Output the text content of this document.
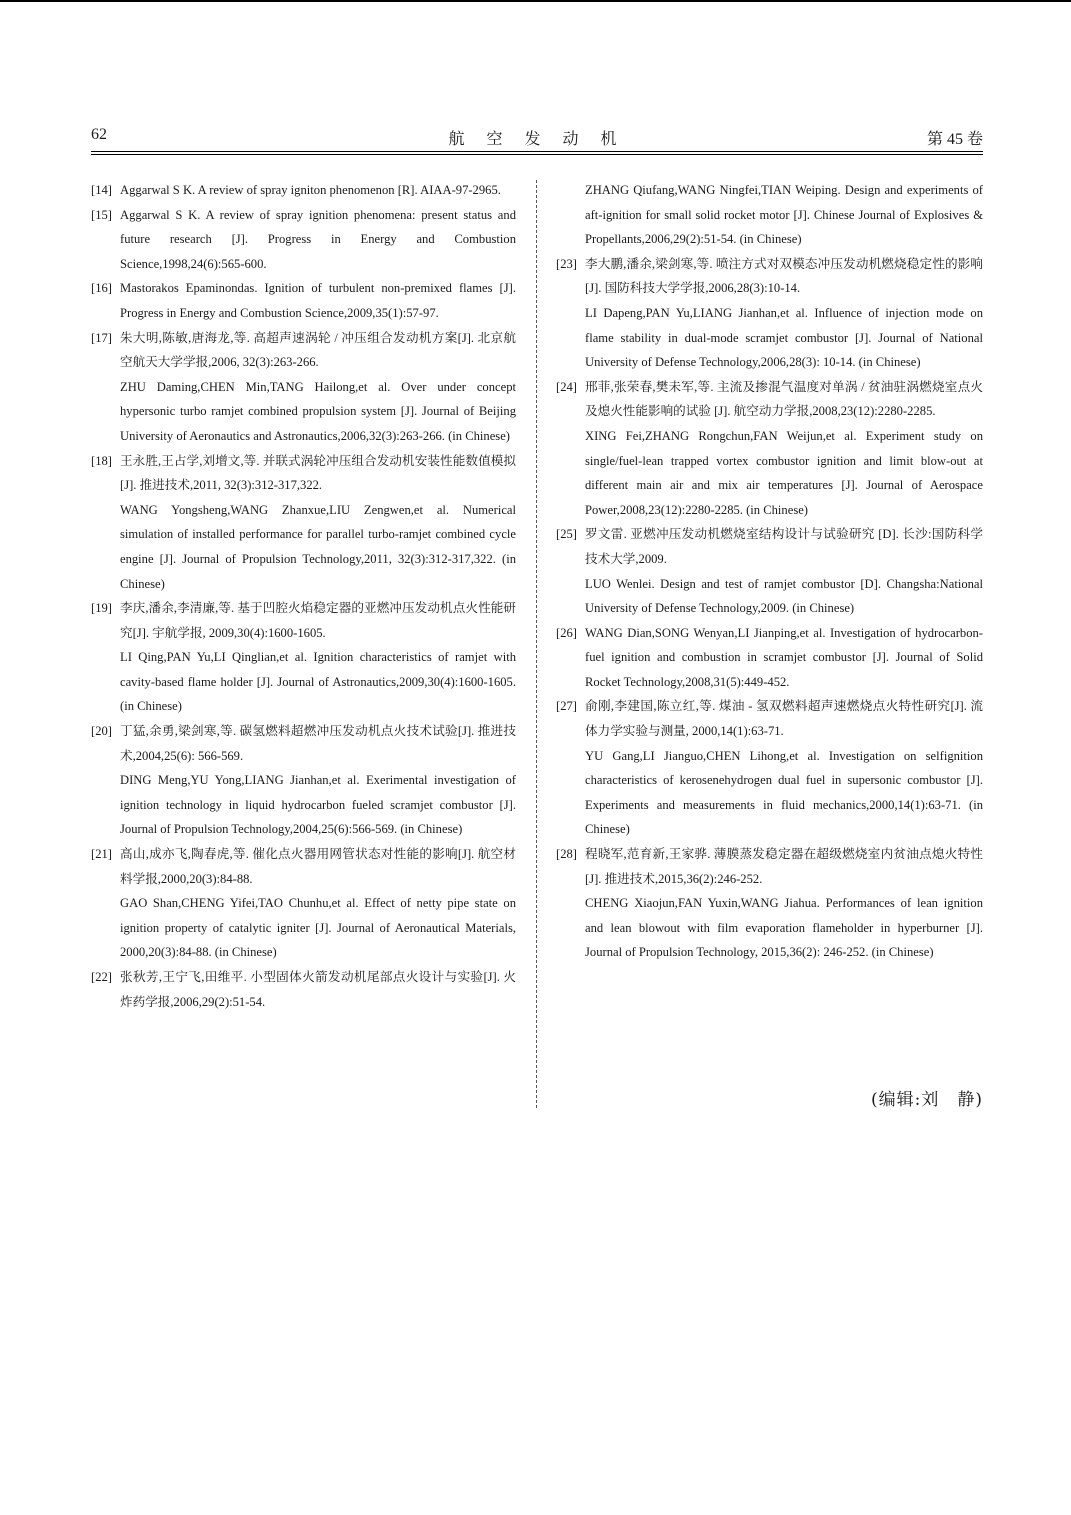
62	航 空 发 动 机	第 45 卷
[14] Aggarwal S K. A review of spray igniton phenomenon [R]. AIAA-97-2965.

[15] Aggarwal S K. A review of spray ignition phenomena: present status and future research [J]. Progress in Energy and Combustion Science,1998,24(6):565-600.

[16] Mastorakos Epaminondas. Ignition of turbulent non-premixed flames [J]. Progress in Energy and Combustion Science,2009,35(1):57-97.

[17] 朱大明,陈敏,唐海龙,等. 高超声速涡轮 / 冲压组合发动机方案[J]. 北京航空航天大学学报,2006, 32(3):263-266.

ZHU Daming,CHEN Min,TANG Hailong,et al. Over under concept hypersonic turbo ramjet combined propulsion system [J]. Journal of Beijing University of Aeronautics and Astronautics,2006,32(3):263-266. (in Chinese)

[18] 王永胜,王占学,刘增文,等. 并联式涡轮冲压组合发动机安装性能数值模拟[J]. 推进技术,2011, 32(3):312-317,322.

WANG Yongsheng,WANG Zhanxue,LIU Zengwen,et al. Numerical simulation of installed performance for parallel turbo-ramjet combined cycle engine [J]. Journal of Propulsion Technology,2011, 32(3):312-317,322. (in Chinese)

[19] 李庆,潘余,李清廉,等. 基于凹腔火焰稳定器的亚燃冲压发动机点火性能研究[J]. 宇航学报, 2009,30(4):1600-1605.

LI Qing,PAN Yu,LI Qinglian,et al. Ignition characteristics of ramjet with cavity-based flame holder [J]. Journal of Astronautics,2009,30(4):1600-1605. (in Chinese)

[20] 丁猛,余勇,梁剑寒,等. 碳氢燃料超燃冲压发动机点火技术试验[J]. 推进技术,2004,25(6): 566-569.

DING Meng,YU Yong,LIANG Jianhan,et al. Exerimental investigation of ignition technology in liquid hydrocarbon fueled scramjet combustor [J]. Journal of Propulsion Technology,2004,25(6):566-569. (in Chinese)

[21] 高山,成亦飞,陶春虎,等. 催化点火器用网管状态对性能的影响[J]. 航空材料学报,2000,20(3):84-88.

GAO Shan,CHENG Yifei,TAO Chunhu,et al. Effect of netty pipe state on ignition property of catalytic igniter [J]. Journal of Aeronautical Materials, 2000,20(3):84-88. (in Chinese)

[22] 张秋芳,王宁飞,田维平. 小型固体火箭发动机尾部点火设计与实验[J]. 火炸药学报,2006,29(2):51-54.

ZHANG Qiufang,WANG Ningfei,TIAN Weiping. Design and experiments of aft-ignition for small solid rocket motor [J]. Chinese Journal of Explosives & Propellants,2006,29(2):51-54. (in Chinese)
[23] 李大鹏,潘余,梁剑寒,等. 喷注方式对双模态冲压发动机燃烧稳定性的影响[J]. 国防科技大学学报,2006,28(3):10-14.

LI Dapeng,PAN Yu,LIANG Jianhan,et al. Influence of injection mode on flame stability in dual-mode scramjet combustor [J]. Journal of National University of Defense Technology,2006,28(3): 10-14. (in Chinese)

[24] 邢菲,张荣春,樊未军,等. 主流及掺混气温度对单涡 / 贫油驻涡燃烧室点火及熄火性能影响的试验 [J]. 航空动力学报,2008,23(12):2280-2285.

XING Fei,ZHANG Rongchun,FAN Weijun,et al. Experiment study on single/fuel-lean trapped vortex combustor ignition and limit blow-out at different main air and mix air temperatures [J]. Journal of Aerospace Power,2008,23(12):2280-2285. (in Chinese)

[25] 罗文雷. 亚燃冲压发动机燃烧室结构设计与试验研究 [D]. 长沙:国防科学技术大学,2009.

LUO Wenlei. Design and test of ramjet combustor [D]. Changsha:National University of Defense Technology,2009. (in Chinese)

[26] WANG Dian,SONG Wenyan,LI Jianping,et al. Investigation of hydrocarbon-fuel ignition and combustion in scramjet combustor [J]. Journal of Solid Rocket Technology,2008,31(5):449-452.

[27] 俞刚,李建国,陈立红,等. 煤油 - 氢双燃料超声速燃烧点火特性研究[J]. 流体力学实验与测量, 2000,14(1):63-71.

YU Gang,LI Jianguo,CHEN Lihong,et al. Investigation on selfignition characteristics of kerosenehydrogen dual fuel in supersonic combustor [J]. Experiments and measurements in fluid mechanics,2000,14(1):63-71. (in Chinese)

[28] 程晓军,范育新,王家骅. 薄膜蒸发稳定器在超级燃烧室内贫油点熄火特性[J]. 推进技术,2015,36(2):246-252.

CHENG Xiaojun,FAN Yuxin,WANG Jiahua. Performances of lean ignition and lean blowout with film evaporation flameholder in hyperburner [J]. Journal of Propulsion Technology, 2015,36(2): 246-252. (in Chinese)

(编辑:刘　静)
